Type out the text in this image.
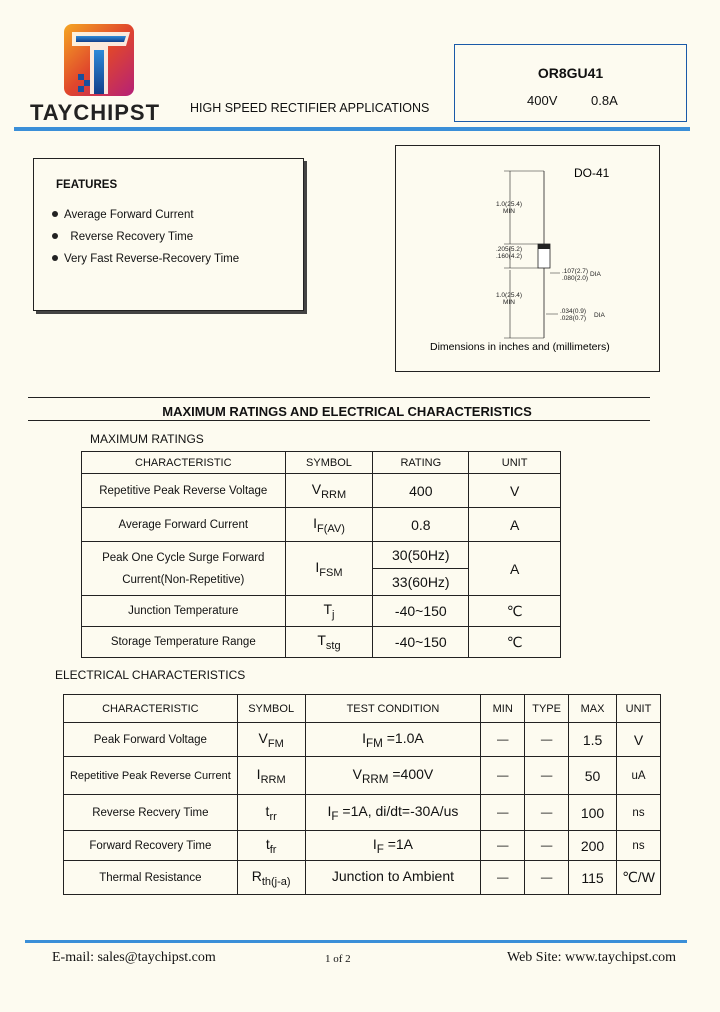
TAYCHIPST HIGH SPEED RECTIFIER APPLICATIONS
OR8GU41
400V	0.8A
FEATURES
Average Forward Current
Reverse Recovery Time
Very Fast Reverse-Recovery Time
DO-41
1.0(25.4)
MIN
.205(5.2)
.160(4.2)
.107(2.7)
.080(2.0)
DIA
1.0(25.4)
MIN
.034(0.9)
.028(0.7) DIA
Dimensions in inches and (millimeters)
MAXIMUM RATINGS AND ELECTRICAL CHARACTERISTICS
MAXIMUM RATINGS
CHARACTERISTIC	SYMBOL	RATING	UNIT
Repetitive Peak Reverse Voltage	$V_{RRM}$	400	V
Average Forward Current	$I_{F(AV)}$	0.8	A
Peak One Cycle Surge Forward
Current(Non-Repetitive)	$I_{FSM}$	30(50Hz)	A
		33(60Hz)	
Junction Temperature	$T_j$	-40~150	℃
Storage Temperature Range	$T_{stg}$	-40~150	℃
ELECTRICAL CHARACTERISTICS
CHARACTERISTIC	SYMBOL	TEST CONDITION	MIN	TYPE	MAX	UNIT
Peak Forward Voltage	$V_{FM}$	$I_{FM} =1.0A$	—	—	1.5	V
Repetitive Peak Reverse Current	$I_{RRM}$	$V_{RRM} =400V$	—	—	50	uA
Reverse Recvery Time	$t_{rr}$	$I_F =1A$, di/dt=-30A/us	—	—	100	ns
Forward Recovery Time	$t_{fr}$	$I_F =1A$	—	—	200	ns
Thermal Resistance	$R_{th(j-a)}$	Junction to Ambient	—	—	115	℃/W
E-mail: sales@taychipst.com	1 of 2	Web Site: www.taychipst.com
